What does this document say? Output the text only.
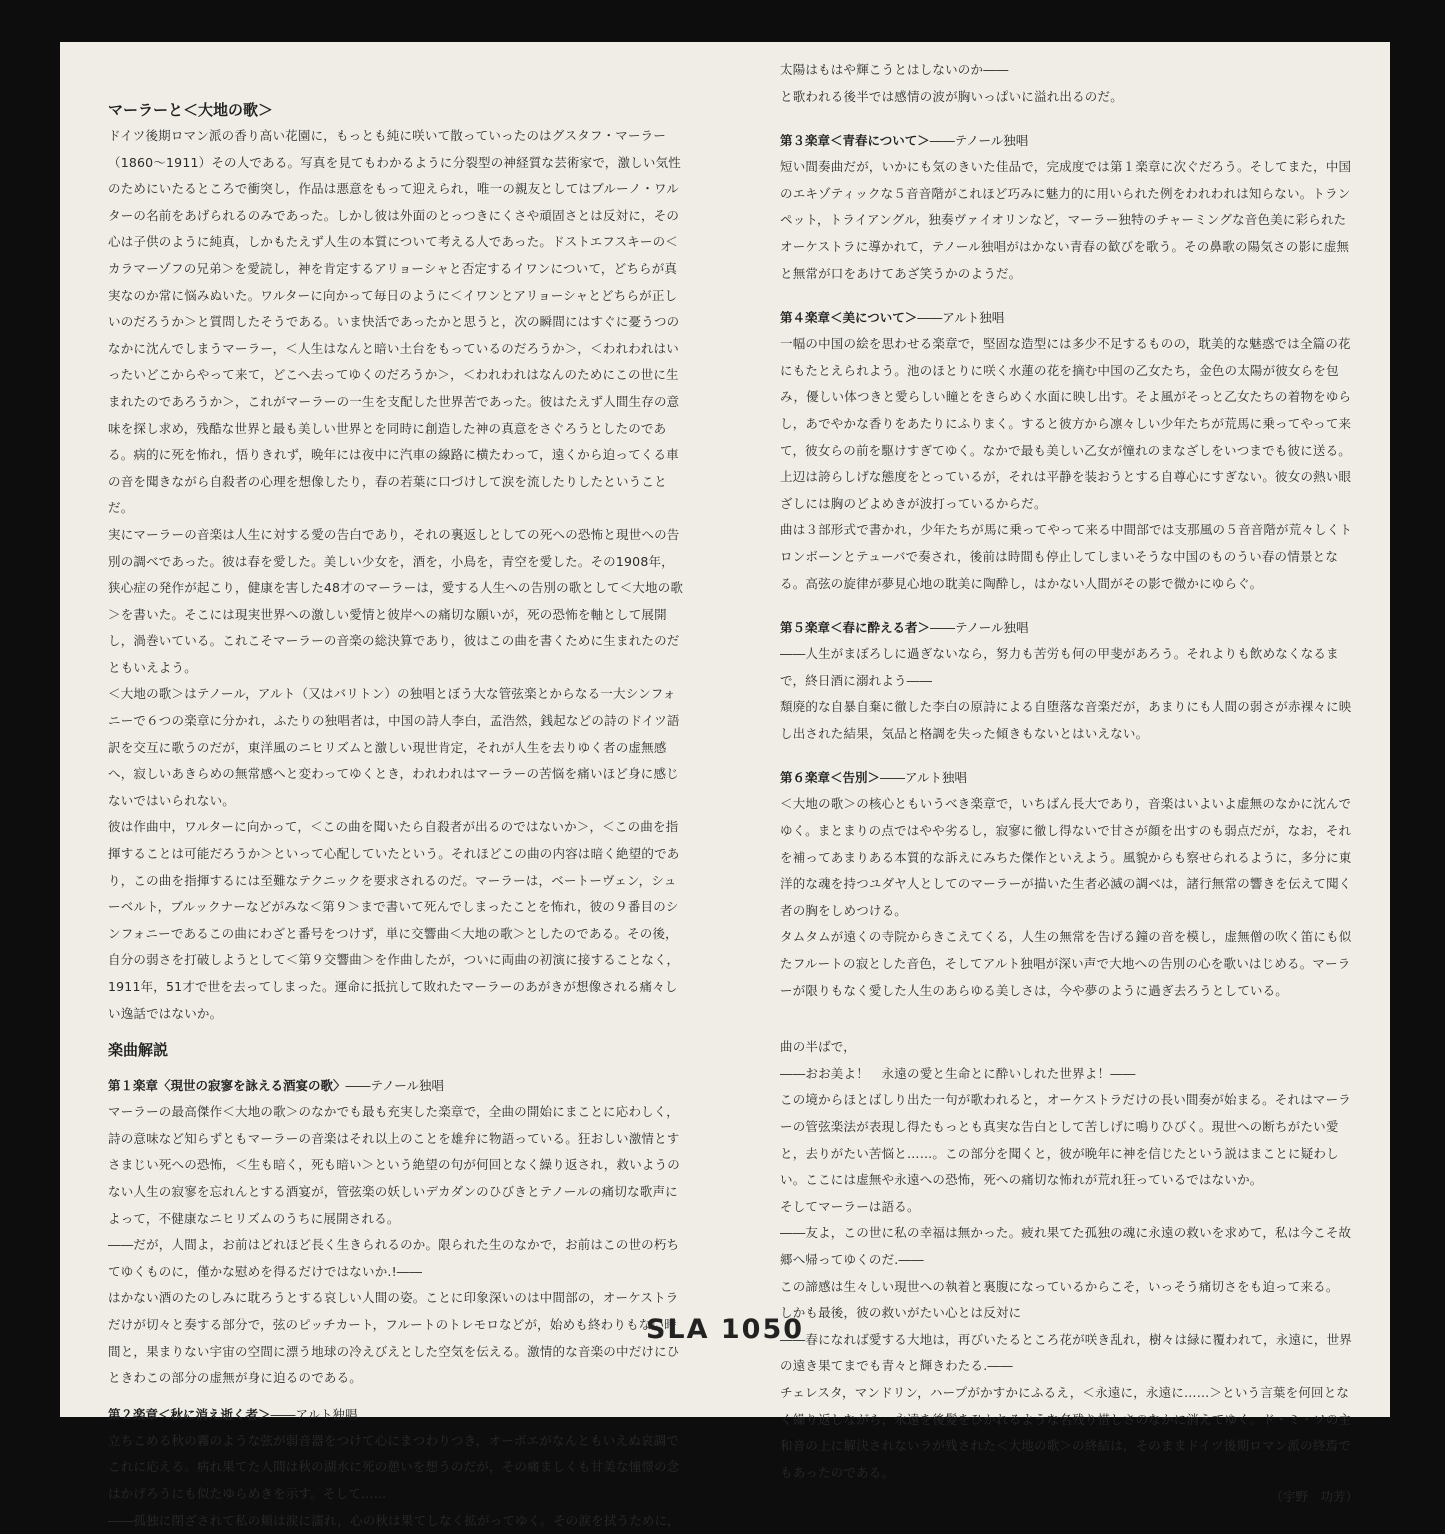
マーラーと＜大地の歌＞

ドイツ後期ロマン派の香り高い花園に，もっとも純に咲いて散っていったのはグスタフ・マーラー（1860～1911）その人である。写真を見てもわかるように分裂型の神経質な芸術家で，激しい気性のためにいたるところで衝突し，作品は悪意をもって迎えられ，唯一の親友としてはブルーノ・ワルターの名前をあげられるのみであった。しかし彼は外面のとっつきにくさや頑固さとは反対に，その心は子供のように純真，しかもたえず人生の本質について考える人であった。ドストエフスキーの＜カラマーゾフの兄弟＞を愛読し，神を肯定するアリョーシャと否定するイワンについて，どちらが真実なのか常に悩みぬいた。ワルターに向かって毎日のように＜イワンとアリョーシャとどちらが正しいのだろうか＞と質問したそうである。いま快活であったかと思うと，次の瞬間にはすぐに憂うつのなかに沈んでしまうマーラー，＜人生はなんと暗い土台をもっているのだろうか＞，＜われわれはいったいどこからやって来て，どこへ去ってゆくのだろうか＞，＜われわれはなんのためにこの世に生まれたのであろうか＞，これがマーラーの一生を支配した世界苦であった。彼はたえず人間生存の意味を探し求め，残酷な世界と最も美しい世界とを同時に創造した神の真意をさぐろうとしたのである。病的に死を怖れ，悟りきれず，晩年には夜中に汽車の線路に横たわって，遠くから迫ってくる車の音を聞きながら自殺者の心理を想像したり，春の若葉に口づけして涙を流したりしたということだ。

実にマーラーの音楽は人生に対する愛の告白であり，それの裏返しとしての死への恐怖と現世への告別の調べであった。彼は春を愛した。美しい少女を，酒を，小鳥を，青空を愛した。その1908年，狭心症の発作が起こり，健康を害した48才のマーラーは，愛する人生への告別の歌として＜大地の歌＞を書いた。そこには現実世界への激しい愛情と彼岸への痛切な願いが，死の恐怖を軸として展開し，渦巻いている。これこそマーラーの音楽の総決算であり，彼はこの曲を書くために生まれたのだともいえよう。

＜大地の歌＞はテノール，アルト（又はバリトン）の独唱とぼう大な管弦楽とからなる一大シンフォニーで６つの楽章に分かれ，ふたりの独唱者は，中国の詩人李白，孟浩然，銭起などの詩のドイツ語訳を交互に歌うのだが，東洋風のニヒリズムと激しい現世肯定，それが人生を去りゆく者の虚無感へ，寂しいあきらめの無常感へと変わってゆくとき，われわれはマーラーの苦悩を痛いほど身に感じないではいられない。

彼は作曲中，ワルターに向かって，＜この曲を聞いたら自殺者が出るのではないか＞，＜この曲を指揮することは可能だろうか＞といって心配していたという。それほどこの曲の内容は暗く絶望的であり，この曲を指揮するには至難なテクニックを要求されるのだ。マーラーは，ベートーヴェン，シューベルト，ブルックナーなどがみな＜第９＞まで書いて死んでしまったことを怖れ，彼の９番目のシンフォニーであるこの曲にわざと番号をつけず，単に交響曲＜大地の歌＞としたのである。その後，自分の弱さを打破しようとして＜第９交響曲＞を作曲したが，ついに両曲の初演に接することなく，1911年，51才で世を去ってしまった。運命に抵抗して敗れたマーラーのあがきが想像される痛々しい逸話ではないか。

楽曲解説

第１楽章〈現世の寂寥を詠える酒宴の歌〉――テノール独唱

マーラーの最高傑作＜大地の歌＞のなかでも最も充実した楽章で，全曲の開始にまことに応わしく，詩の意味など知らずともマーラーの音楽はそれ以上のことを雄弁に物語っている。狂おしい激情とすさまじい死への恐怖，＜生も暗く，死も暗い＞という絶望の句が何回となく繰り返され，救いようのない人生の寂寥を忘れんとする酒宴が，管弦楽の妖しいデカダンのひびきとテノールの痛切な歌声によって，不健康なニヒリズムのうちに展開される。

――だが，人間よ，お前はどれほど長く生きられるのか。限られた生のなかで，お前はこの世の朽ちてゆくものに，僅かな慰めを得るだけではないか.!――

はかない酒のたのしみに耽ろうとする哀しい人間の姿。ことに印象深いのは中間部の，オーケストラだけが切々と奏する部分で，弦のピッチカート，フルートのトレモロなどが，始めも終わりもない時間と，果まりない宇宙の空間に漂う地球の冷えびえとした空気を伝える。激情的な音楽の中だけにひときわこの部分の虚無が身に迫るのである。

第２楽章＜秋に消え逝く者＞――アルト独唱

立ちこめる秋の霧のような弦が弱音器をつけて心にまつわりつき，オーボエがなんともいえぬ哀調でこれに応える。病れ果てた人間は秋の湖水に死の憩いを想うのだが，その痛ましくも甘美な憧憬の念はかげろうにも似たゆらめきを示す。そして……

――孤独に閉ざされて私の頬は涙に濡れ，心の秋は果てしなく拡がってゆく。その涙を拭うために，

太陽はもはや輝こうとはしないのか――

と歌われる後半では感情の波が胸いっぱいに溢れ出るのだ。

第３楽章＜青春について＞――テノール独唱

短い間奏曲だが，いかにも気のきいた佳品で，完成度では第１楽章に次ぐだろう。そしてまた，中国のエキゾティックな５音音階がこれほど巧みに魅力的に用いられた例をわれわれは知らない。トランペット，トライアングル，独奏ヴァイオリンなど，マーラー独特のチャーミングな音色美に彩られたオーケストラに導かれて，テノール独唱がはかない青春の歓びを歌う。その鼻歌の陽気さの影に虚無と無常が口をあけてあざ笑うかのようだ。

第４楽章＜美について＞――アルト独唱

一幅の中国の絵を思わせる楽章で，堅固な造型には多少不足するものの，耽美的な魅惑では全篇の花にもたとえられよう。池のほとりに咲く水蓮の花を摘む中国の乙女たち，金色の太陽が彼女らを包み，優しい体つきと愛らしい瞳とをきらめく水面に映し出す。そよ風がそっと乙女たちの着物をゆらし，あでやかな香りをあたりにふりまく。すると彼方から凛々しい少年たちが荒馬に乗ってやって来て，彼女らの前を駆けすぎてゆく。なかで最も美しい乙女が憧れのまなざしをいつまでも彼に送る。上辺は誇らしげな態度をとっているが，それは平静を装おうとする自尊心にすぎない。彼女の熱い眼ざしには胸のどよめきが波打っているからだ。

曲は３部形式で書かれ，少年たちが馬に乗ってやって来る中間部では支那風の５音音階が荒々しくトロンボーンとテューバで奏され，後前は時間も停止してしまいそうな中国のものうい春の情景となる。高弦の旋律が夢見心地の耽美に陶酔し，はかない人間がその影で微かにゆらぐ。

第５楽章＜春に酔える者＞――テノール独唱

――人生がまぼろしに過ぎないなら，努力も苦労も何の甲斐があろう。それよりも飲めなくなるまで，終日酒に溺れよう――

頽廃的な自暴自棄に徹した李白の原詩による自堕落な音楽だが，あまりにも人間の弱さが赤裸々に映し出された結果，気品と格調を失った傾きもないとはいえない。

第６楽章＜告別＞――アルト独唱

＜大地の歌＞の核心ともいうべき楽章で，いちばん長大であり，音楽はいよいよ虚無のなかに沈んでゆく。まとまりの点ではやや劣るし，寂寥に徹し得ないで甘さが顔を出すのも弱点だが，なお，それを補ってあまりある本質的な訴えにみちた傑作といえよう。風貌からも察せられるように，多分に東洋的な魂を持つユダヤ人としてのマーラーが描いた生者必滅の調べは，諸行無常の響きを伝えて聞く者の胸をしめつける。

タムタムが遠くの寺院からきこえてくる，人生の無常を告げる鐘の音を模し，虚無僧の吹く笛にも似たフルートの寂とした音色，そしてアルト独唱が深い声で大地への告別の心を歌いはじめる。マーラーが限りもなく愛した人生のあらゆる美しさは，今や夢のように過ぎ去ろうとしている。

曲の半ばで，

――おお美よ！　永遠の愛と生命とに酔いしれた世界よ！――

この境からほとばしり出た一句が歌われると，オーケストラだけの長い間奏が始まる。それはマーラーの管弦楽法が表現し得たもっとも真実な告白として苦しげに鳴りひびく。現世への断ちがたい愛と，去りがたい苦悩と……。この部分を聞くと，彼が晩年に神を信じたという説はまことに疑わしい。ここには虚無や永遠への恐怖，死への痛切な怖れが荒れ狂っているではないか。

そしてマーラーは語る。

――友よ，この世に私の幸福は無かった。疲れ果てた孤独の魂に永遠の救いを求めて，私は今こそ故郷へ帰ってゆくのだ.――

この諦感は生々しい現世への執着と裏腹になっているからこそ，いっそう痛切さをも迫って来る。

しかも最後，彼の救いがたい心とは反対に

――春になれば愛する大地は，再びいたるところ花が咲き乱れ，樹々は緑に覆われて，永遠に，世界の遠き果てまでも青々と輝きわたる.――

チェレスタ，マンドリン，ハープがかすかにふるえ，＜永遠に，永遠に……＞という言葉を何回となく繰り返しながら，永遠を後髪をひかれるような名残り惜しさのなかに消えてゆく。ド・ミ・ソの主和音の上に解決されないラが残された＜大地の歌＞の終結は，そのままドイツ後期ロマン派の終焉でもあったのである。

（宇野　功芳）

SLA 1050
